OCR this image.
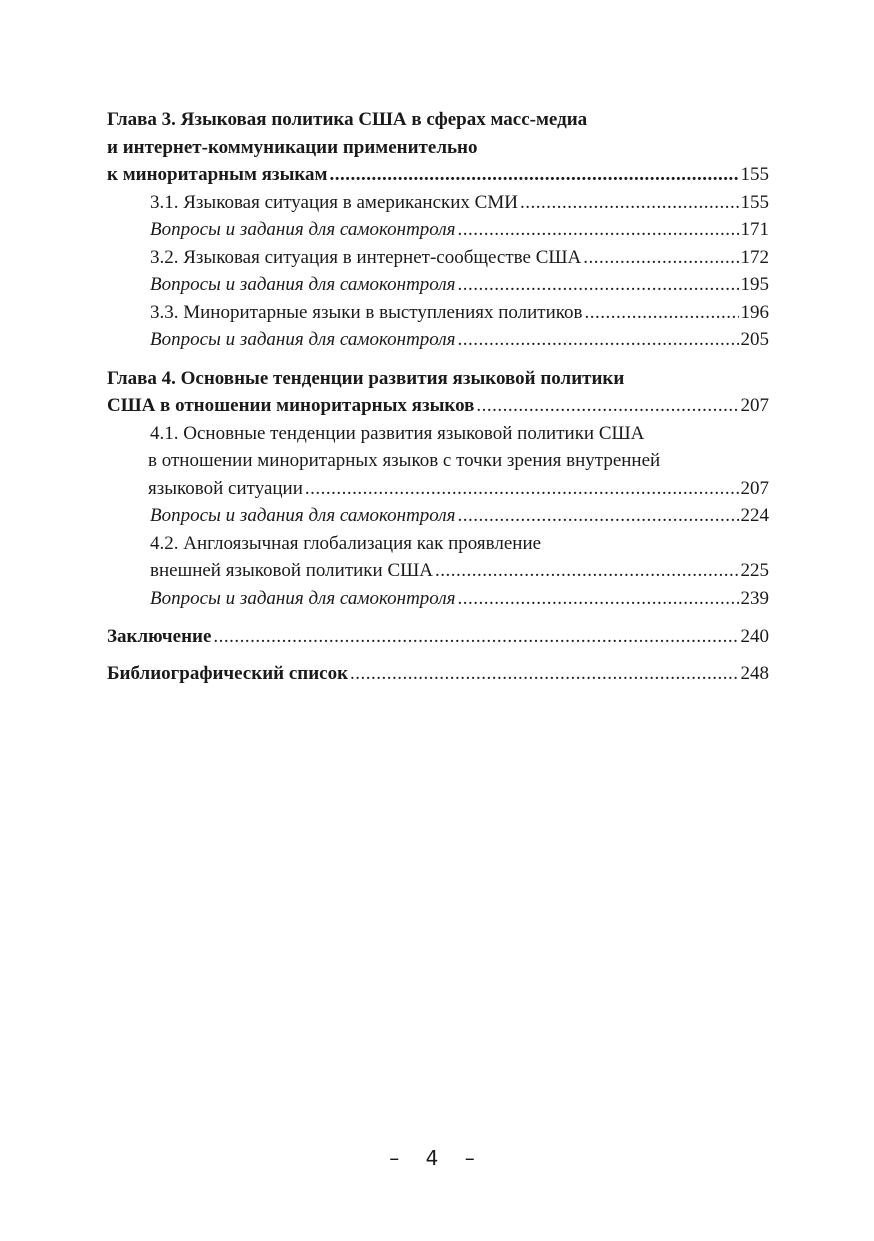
Глава 3. Языковая политика США в сферах масс-медиа
и интернет-коммуникации применительно
к миноритарным языкам .....	155
3.1. Языковая ситуация в американских СМИ .....	155
Вопросы и задания для самоконтроля .....	171
3.2. Языковая ситуация в интернет-сообществе США .....	172
Вопросы и задания для самоконтроля .....	195
3.3. Миноритарные языки в выступлениях политиков .....	196
Вопросы и задания для самоконтроля .....	205
Глава 4. Основные тенденции развития языковой политики
США в отношении миноритарных языков .....	207
4.1. Основные тенденции развития языковой политики США
в отношении миноритарных языков с точки зрения внутренней
языковой ситуации .....	207
Вопросы и задания для самоконтроля .....	224
4.2. Англоязычная глобализация как проявление
внешней языковой политики США .....	225
Вопросы и задания для самоконтроля .....	239
Заключение .....	240
Библиографический список .....	248
– 4 –
